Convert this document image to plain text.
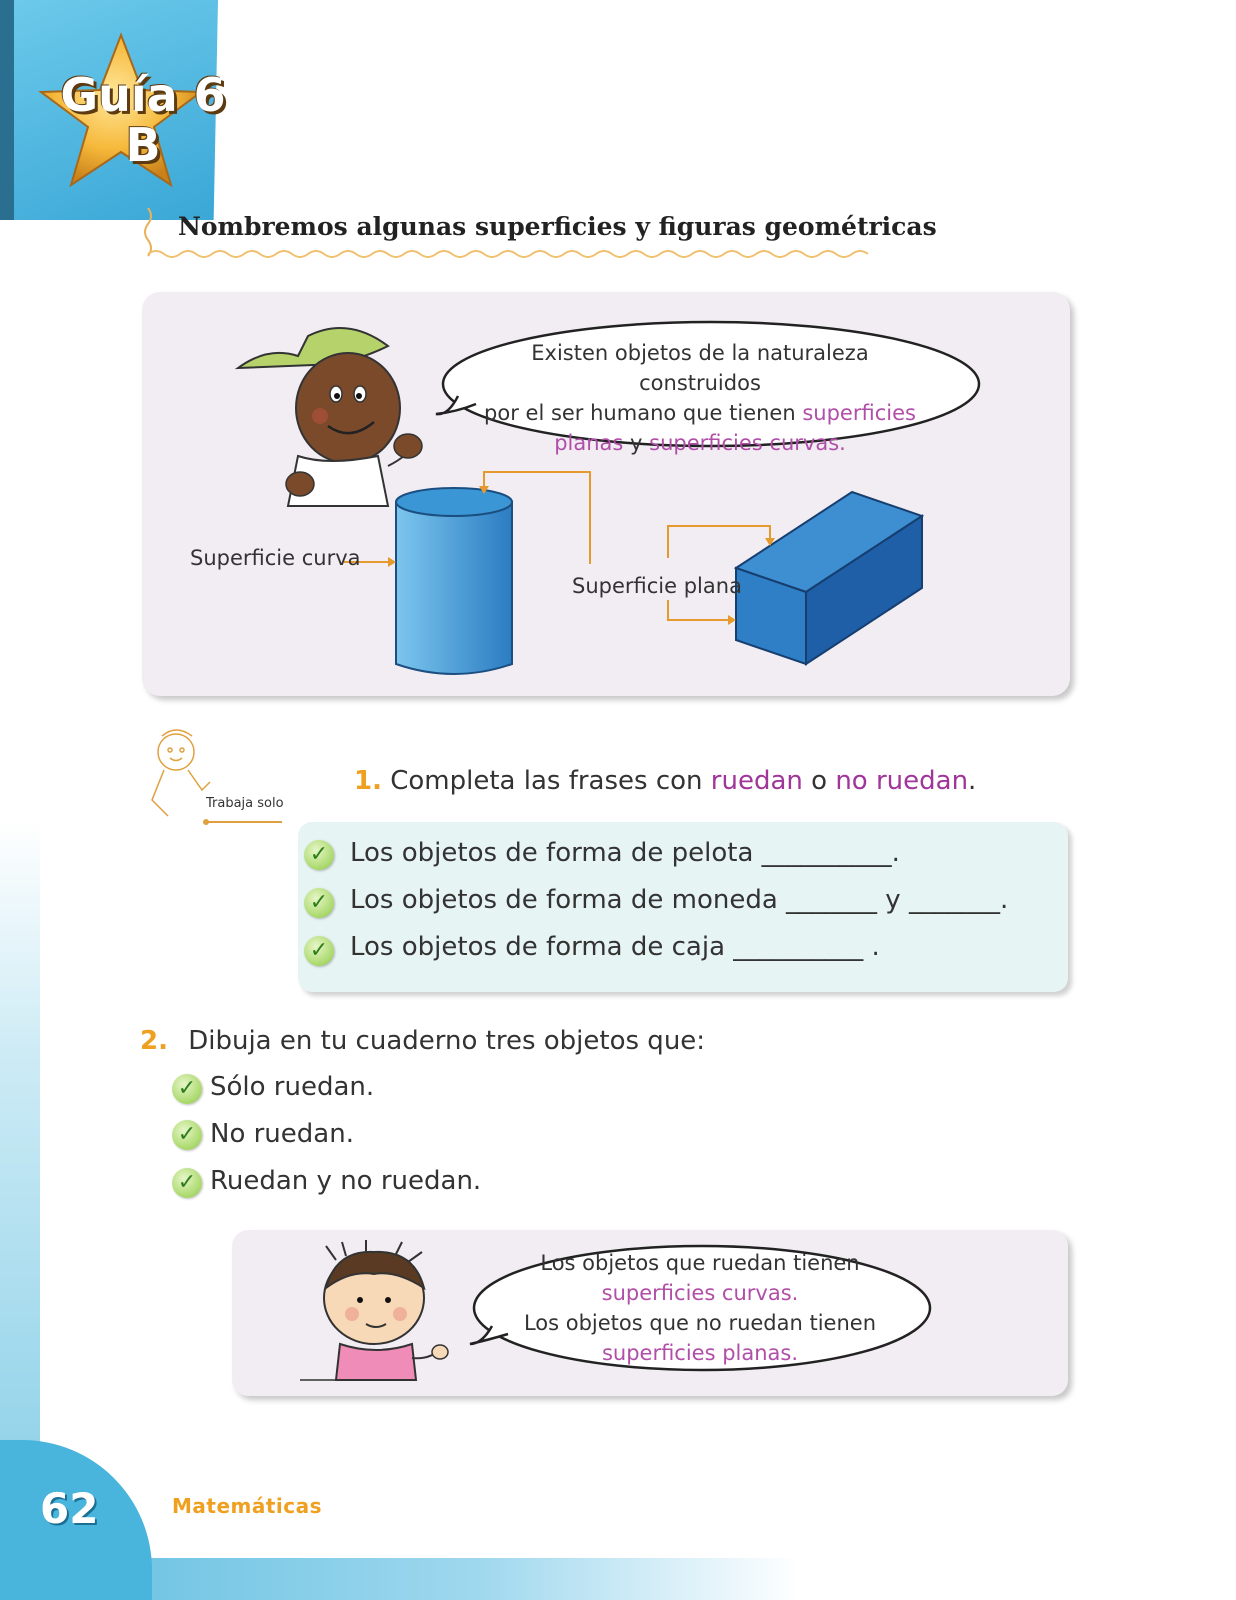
Guía 6
B
Nombremos algunas superficies y figuras geométricas
Existen objetos de la naturaleza construidos
por el ser humano que tienen superficies
planas y superficies curvas.
Superficie curva
Superficie plana
Trabaja solo
1. Completa las frases con ruedan o no ruedan.
✓ Los objetos de forma de pelota __________.
✓ Los objetos de forma de moneda _______ y _______.
✓ Los objetos de forma de caja __________ .
2. Dibuja en tu cuaderno tres objetos que:
✓ Sólo ruedan.
✓ No ruedan.
✓ Ruedan y no ruedan.
Los objetos que ruedan tienen
superficies curvas.
Los objetos que no ruedan tienen
superficies planas.
62	Matemáticas
